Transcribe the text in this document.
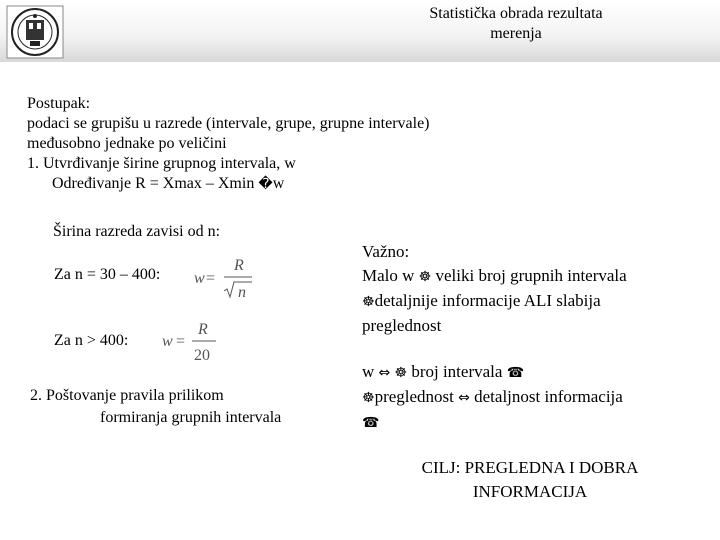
Statistička obrada rezultata
merenja
Postupak:
podaci se grupišu u razrede (intervale, grupe, grupne intervale)
međusobno jednake po veličini
1. Utvrđivanje širine grupnog intervala, w
Određivanje R = Xmax – Xmin �w
Širina razreda zavisi od n:
Za n = 30 – 400: w =
R
n
Za n > 400: w =
R
20
2. Poštovanje pravila prilikom
formiranja grupnih intervala
Važno:
Malo w ☸ veliki broj grupnih intervala
☸detaljnije informacije ALI slabija
preglednost
w ⇔ ☸ broj intervala ☎
☸preglednost ⇔ detaljnost informacija
☎
CILJ: PREGLEDNA I DOBRA
INFORMACIJA
